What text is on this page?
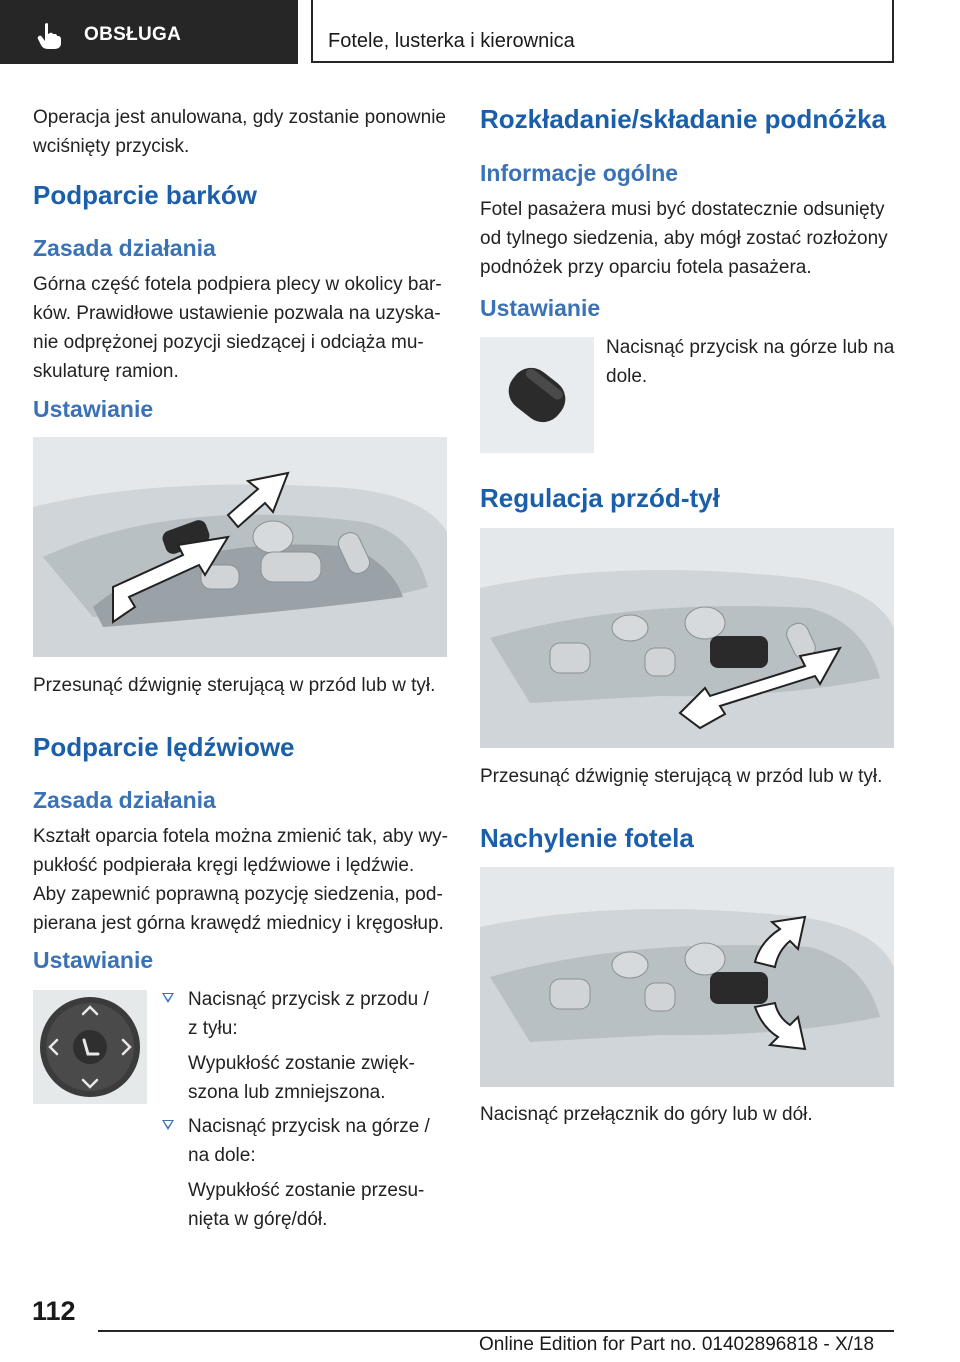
OBSŁUGA	Fotele, lusterka i kierownica
Operacja jest anulowana, gdy zostanie ponownie
wciśnięty przycisk.
Podparcie barków
Zasada działania
Górna część fotela podpiera plecy w okolicy bar-
ków. Prawidłowe ustawienie pozwala na uzyska-
nie odprężonej pozycji siedzącej i odciąża mu-
skulaturę ramion.
Ustawianie
Przesunąć dźwignię sterującą w przód lub w tył.
Podparcie lędźwiowe
Zasada działania
Kształt oparcia fotela można zmienić tak, aby wy-
pukłość podpierała kręgi lędźwiowe i lędźwie.
Aby zapewnić poprawną pozycję siedzenia, pod-
pierana jest górna krawędź miednicy i kręgosłup.
Ustawianie
Nacisnąć przycisk z przodu /
z tyłu:
Wypukłość zostanie zwięk-
szona lub zmniejszona.
Nacisnąć przycisk na górze /
na dole:
Wypukłość zostanie przesu-
nięta w górę/dół.
Rozkładanie/składanie podnóżka
Informacje ogólne
Fotel pasażera musi być dostatecznie odsunięty
od tylnego siedzenia, aby mógł zostać rozłożony
podnóżek przy oparciu fotela pasażera.
Ustawianie
Nacisnąć przycisk na górze lub na
dole.
Regulacja przód-tył
Przesunąć dźwignię sterującą w przód lub w tył.
Nachylenie fotela
Nacisnąć przełącznik do góry lub w dół.
112
Online Edition for Part no. 01402896818 - X/18
